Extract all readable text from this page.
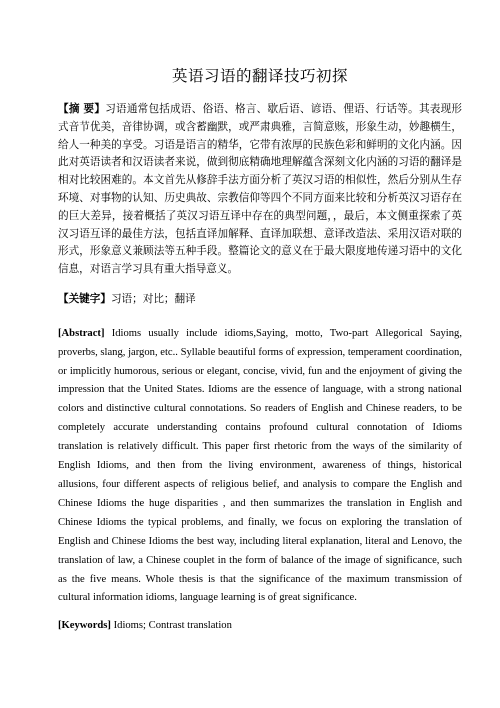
英语习语的翻译技巧初探
【摘 要】习语通常包括成语、俗语、格言、歇后语、谚语、俚语、行话等。其表现形式音节优美，音律协调，或含蓄幽默，或严肃典雅，言简意赅，形象生动，妙趣横生，给人一种美的享受。习语是语言的精华，它带有浓厚的民族色彩和鲜明的文化内涵。因此对英语读者和汉语读者来说，做到彻底精确地理解蕴含深刻文化内涵的习语的翻译是相对比较困难的。本文首先从修辞手法方面分析了英汉习语的相似性，然后分别从生存环境、对事物的认知、历史典故、宗教信仰等四个不同方面来比较和分析英汉习语存在的巨大差异，接着概括了英汉习语互译中存在的典型问题，，最后，本文侧重探索了英汉习语互译的最佳方法，包括直译加解释、直译加联想、意译改造法、采用汉语对联的形式，形象意义兼顾法等五种手段。整篇论文的意义在于最大限度地传递习语中的文化信息，对语言学习具有重大指导意义。
【关键字】习语；对比；翻译
[Abstract] Idioms usually include idioms,Saying, motto, Two-part Allegorical Saying, proverbs, slang, jargon, etc.. Syllable beautiful forms of expression, temperament coordination, or implicitly humorous, serious or elegant, concise, vivid, fun and the enjoyment of giving the impression that the United States. Idioms are the essence of language, with a strong national colors and distinctive cultural connotations. So readers of English and Chinese readers, to be completely accurate understanding contains profound cultural connotation of Idioms translation is relatively difficult. This paper first rhetoric from the ways of the similarity of English Idioms, and then from the living environment, awareness of things, historical allusions, four different aspects of religious belief, and analysis to compare the English and Chinese Idioms the huge disparities , and then summarizes the translation in English and Chinese Idioms the typical problems, and finally, we focus on exploring the translation of English and Chinese Idioms the best way, including literal explanation, literal and Lenovo, the translation of law, a Chinese couplet in the form of balance of the image of significance, such as the five means. Whole thesis is that the significance of the maximum transmission of cultural information idioms, language learning is of great significance.
[Keywords] Idioms; Contrast translation
